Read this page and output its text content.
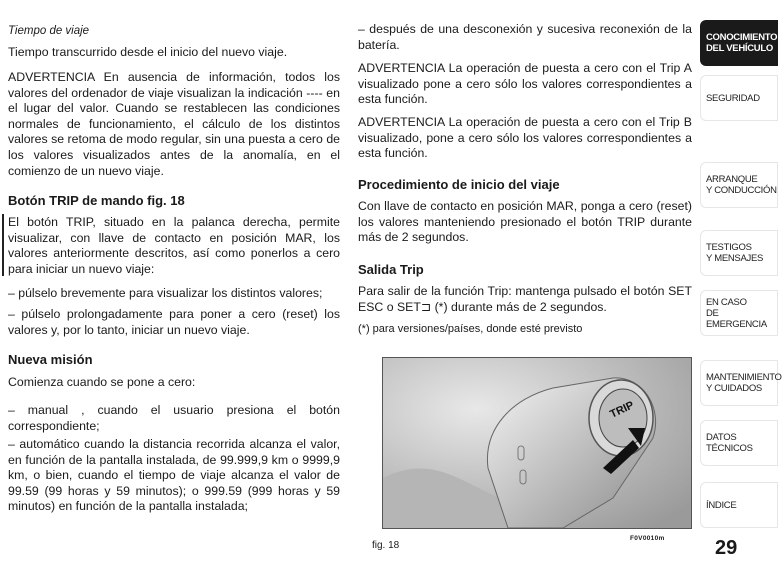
Tiempo de viaje

Tiempo transcurrido desde el inicio del nuevo viaje.

ADVERTENCIA En ausencia de información, todos los valores del ordenador de viaje visualizan la indicación ---- en el lugar del valor. Cuando se restablecen las condiciones normales de funcionamiento, el cálculo de los distintos valores se retoma de modo regular, sin una puesta a cero de los valores visualizados antes de la anomalía, en el comienzo de un nuevo viaje.

Botón TRIP de mando fig. 18

El botón TRIP, situado en la palanca derecha, permite visualizar, con llave de contacto en posición MAR, los valores anteriormente descritos, así como ponerlos a cero para iniciar un nuevo viaje:

– púlselo brevemente para visualizar los distintos valores;

– púlselo prolongadamente para poner a cero (reset) los valores y, por lo tanto, iniciar un nuevo viaje.

Nueva misión

Comienza cuando se pone a cero:

– manual , cuando el usuario presiona el botón correspondiente;

– automático cuando la distancia recorrida alcanza el valor, en función de la pantalla instalada, de 99.999,9 km o 9999,9 km, o bien, cuando el tiempo de viaje alcanza el valor de 99.59 (99 horas y 59 minutos); o 999.59 (999 horas y 59 minutos) en función de la pantalla instalada;

– después de una desconexión y sucesiva reconexión de la batería.

ADVERTENCIA La operación de puesta a cero con el Trip A visualizado pone a cero sólo los valores correspondientes a esta función.

ADVERTENCIA La operación de puesta a cero con el Trip B visualizado, pone a cero sólo los valores correspondientes a esta función.

Procedimiento de inicio del viaje

Con llave de contacto en posición MAR, ponga a cero (reset) los valores manteniendo presionado el botón TRIP durante más de 2 segundos.

Salida Trip

Para salir de la función Trip: mantenga pulsado el botón SET ESC o SET⊐ (*) durante más de 2 segundos.

(*) para versiones/países, donde esté previsto

TRIP
fig. 18
F0V0010m
CONOCIMIENTO
DEL VEHÍCULO
SEGURIDAD
ARRANQUE
Y CONDUCCIÓN
TESTIGOS
Y MENSAJES
EN CASO
DE EMERGENCIA
MANTENIMIENTO
Y CUIDADOS
DATOS TÉCNICOS
ÍNDICE
29
